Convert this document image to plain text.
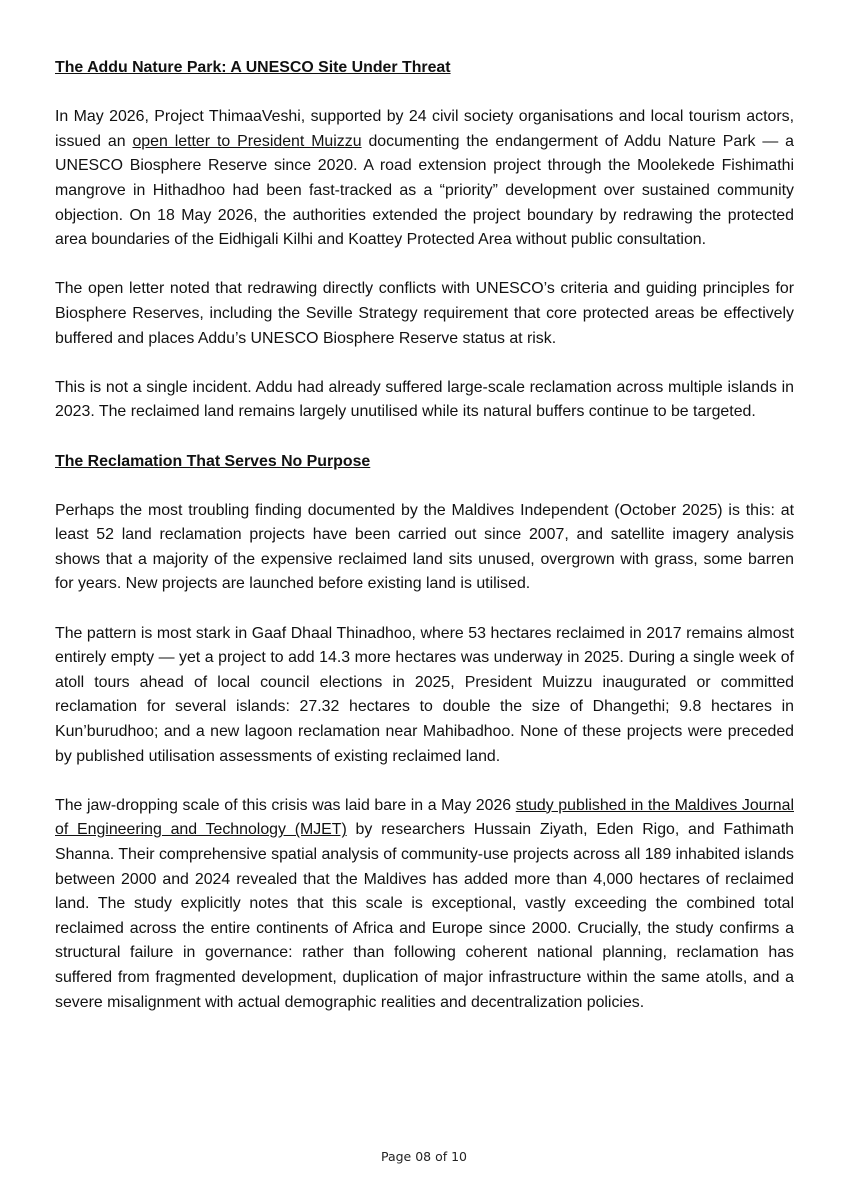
The Addu Nature Park: A UNESCO Site Under Threat

In May 2026, Project ThimaaVeshi, supported by 24 civil society organisations and local tourism actors, issued an open letter to President Muizzu documenting the endangerment of Addu Nature Park — a UNESCO Biosphere Reserve since 2020. A road extension project through the Moolekede Fishimathi mangrove in Hithadhoo had been fast-tracked as a “priority” development over sustained community objection. On 18 May 2026, the authorities extended the project boundary by redrawing the protected area boundaries of the Eidhigali Kilhi and Koattey Protected Area without public consultation.

The open letter noted that redrawing directly conflicts with UNESCO’s criteria and guiding principles for Biosphere Reserves, including the Seville Strategy requirement that core protected areas be effectively buffered and places Addu’s UNESCO Biosphere Reserve status at risk.

This is not a single incident. Addu had already suffered large-scale reclamation across multiple islands in 2023. The reclaimed land remains largely unutilised while its natural buffers continue to be targeted.

The Reclamation That Serves No Purpose

Perhaps the most troubling finding documented by the Maldives Independent (October 2025) is this: at least 52 land reclamation projects have been carried out since 2007, and satellite imagery analysis shows that a majority of the expensive reclaimed land sits unused, overgrown with grass, some barren for years. New projects are launched before existing land is utilised.

The pattern is most stark in Gaaf Dhaal Thinadhoo, where 53 hectares reclaimed in 2017 remains almost entirely empty — yet a project to add 14.3 more hectares was underway in 2025. During a single week of atoll tours ahead of local council elections in 2025, President Muizzu inaugurated or committed reclamation for several islands: 27.32 hectares to double the size of Dhangethi; 9.8 hectares in Kun’burudhoo; and a new lagoon reclamation near Mahibadhoo. None of these projects were preceded by published utilisation assessments of existing reclaimed land.

The jaw-dropping scale of this crisis was laid bare in a May 2026 study published in the Maldives Journal of Engineering and Technology (MJET) by researchers Hussain Ziyath, Eden Rigo, and Fathimath Shanna. Their comprehensive spatial analysis of community-use projects across all 189 inhabited islands between 2000 and 2024 revealed that the Maldives has added more than 4,000 hectares of reclaimed land. The study explicitly notes that this scale is exceptional, vastly exceeding the combined total reclaimed across the entire continents of Africa and Europe since 2000. Crucially, the study confirms a structural failure in governance: rather than following coherent national planning, reclamation has suffered from fragmented development, duplication of major infrastructure within the same atolls, and a severe misalignment with actual demographic realities and decentralization policies.

Page 08 of 10
